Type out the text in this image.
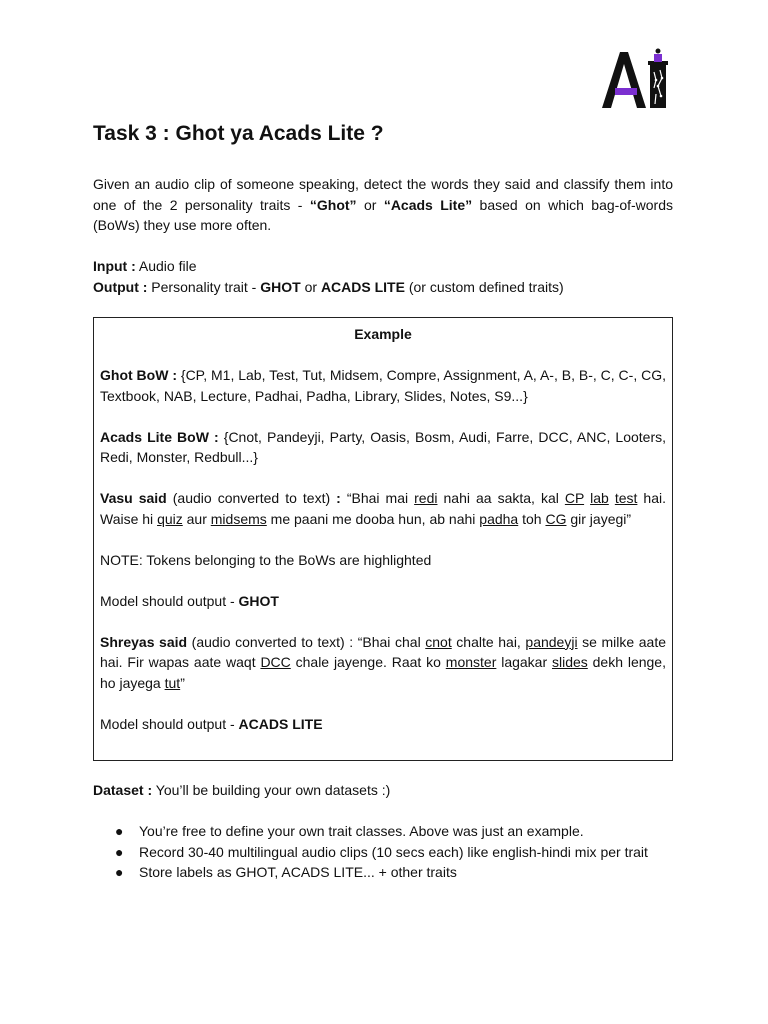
Task 3 : Ghot ya Acads Lite ?

Given an audio clip of someone speaking, detect the words they said and classify them into one of the 2 personality traits - “Ghot” or “Acads Lite” based on which bag-of-words (BoWs) they use more often.

Input : Audio file
Output : Personality trait - GHOT or ACADS LITE (or custom defined traits)
Example
Ghot BoW : {CP, M1, Lab, Test, Tut, Midsem, Compre, Assignment, A, A-, B, B-, C, C-, CG, Textbook, NAB, Lecture, Padhai, Padha, Library, Slides, Notes, S9...}
Acads Lite BoW : {Cnot, Pandeyji, Party, Oasis, Bosm, Audi, Farre, DCC, ANC, Looters, Redi, Monster, Redbull...}
Vasu said (audio converted to text) : “Bhai mai redi nahi aa sakta, kal CP lab test hai. Waise hi quiz aur midsems me paani me dooba hun, ab nahi padha toh CG gir jayegi”
NOTE: Tokens belonging to the BoWs are highlighted
Model should output - GHOT
Shreyas said (audio converted to text) : “Bhai chal cnot chalte hai, pandeyji se milke aate hai. Fir wapas aate waqt DCC chale jayenge. Raat ko monster lagakar slides dekh lenge, ho jayega tut”
Model should output - ACADS LITE

Dataset : You’ll be building your own datasets :)

● You’re free to define your own trait classes. Above was just an example.
● Record 30-40 multilingual audio clips (10 secs each) like english-hindi mix per trait
● Store labels as GHOT, ACADS LITE... + other traits
